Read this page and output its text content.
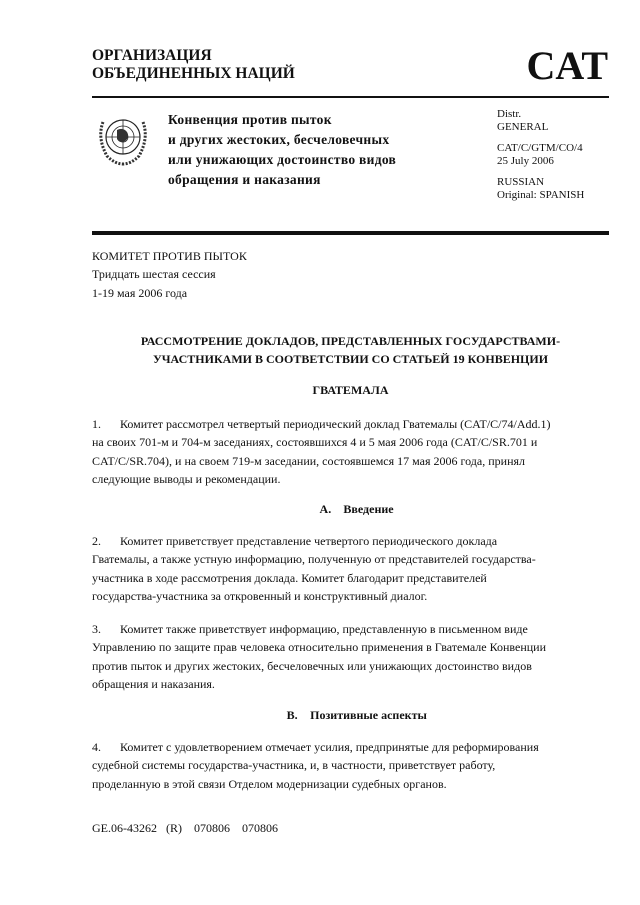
ОРГАНИЗАЦИЯ
ОБЪЕДИНЕННЫХ НАЦИЙ	CAT
Конвенция против пыток
и других жестоких, бесчеловечных
или унижающих достоинство видов
обращения и наказания
Distr.
GENERAL
CAT/C/GTM/CO/4
25 July 2006
RUSSIAN
Original: SPANISH
КОМИТЕТ ПРОТИВ ПЫТОК
Тридцать шестая сессия
1-19 мая 2006 года
РАССМОТРЕНИЕ ДОКЛАДОВ, ПРЕДСТАВЛЕННЫХ ГОСУДАРСТВАМИ-
УЧАСТНИКАМИ В СООТВЕТСТВИИ СО СТАТЬЕЙ 19 КОНВЕНЦИИ
ГВАТЕМАЛА
1. Комитет рассмотрел четвертый периодический доклад Гватемалы (CAT/C/74/Add.1)
на своих 701-м и 704-м заседаниях, состоявшихся 4 и 5 мая 2006 года (CAT/C/SR.701 и
CAT/C/SR.704), и на своем 719-м заседании, состоявшемся 17 мая 2006 года, принял
следующие выводы и рекомендации.
A. Введение
2. Комитет приветствует представление четвертого периодического доклада
Гватемалы, а также устную информацию, полученную от представителей государства-
участника в ходе рассмотрения доклада. Комитет благодарит представителей
государства-участника за откровенный и конструктивный диалог.
3. Комитет также приветствует информацию, представленную в письменном виде
Управлению по защите прав человека относительно применения в Гватемале Конвенции
против пыток и других жестоких, бесчеловечных или унижающих достоинство видов
обращения и наказания.
B. Позитивные аспекты
4. Комитет с удовлетворением отмечает усилия, предпринятые для реформирования
судебной системы государства-участника, и, в частности, приветствует работу,
проделанную в этой связи Отделом модернизации судебных органов.
GE.06-43262   (R)    070806    070806
